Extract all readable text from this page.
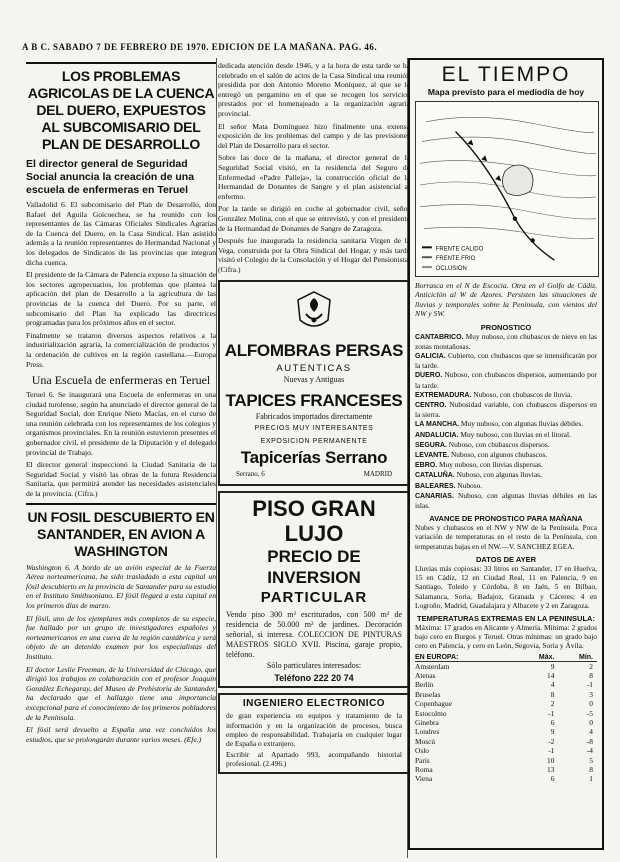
A B C. SABADO 7 DE FEBRERO DE 1970. EDICION DE LA MAÑANA. PAG. 46.
LOS PROBLEMAS AGRICOLAS DE LA CUENCA DEL DUERO, EXPUESTOS AL SUBCOMISARIO DEL PLAN DE DESARROLLO
El director general de Seguridad Social anuncia la creación de una escuela de enfermeras en Teruel

Valladolid 6. El subcomisario del Plan de Desarrollo, don Rafael del Aguila Goicoechea, se ha reunido con los representantes de las Cámaras Oficiales Sindicales Agrarias de la Cuenca del Duero, en la Casa Sindical. Han asistido además a la reunión representantes de Hermandad Nacional y los delegados de Sindicatos de las provincias que integran dicha cuenca.

El presidente de la Cámara de Palencia expuso la situación de los sectores agropecuarios, los problemas que plantea la aplicación del plan de Desarrollo a la agricultura de las provincias de la cuenca del Duero. Por su parte, el subcomisario del Plan ha explicado las directrices programadas para los próximos años en el sector.

Finalmente se trataron diversos aspectos relativos a la industrialización agraria, la comercialización de productos y la ordenación de cultivos en la región castellana.—Europa Press.

Una Escuela de enfermeras en Teruel

Teruel 6. Se inaugurará una Escuela de enfermeras en una ciudad turolense, según ha anunciado el director general de la Seguridad Social, don Enrique Nieto Macías, en el curso de una reunión celebrada con los representantes de los colegios y organismos provinciales. En la reunión estuvieron presentes el gobernador civil, el presidente de la Diputación y el delegado provincial de Trabajo.

El director general inspeccionó la Ciudad Sanitaria de la Seguridad Social y visitó las obras de la futura Residencia Sanitaria, que permitirá atender las necesidades asistenciales de la provincia. (Cifra.)

UN FOSIL DESCUBIERTO EN SANTANDER, EN AVION A WASHINGTON

Washington 6. A bordo de un avión especial de la Fuerza Aérea norteamericana, ha sido trasladado a esta capital un fósil descubierto en la provincia de Santander para su estudio en el Instituto Smithsoniano. El fósil llegará a esta capital en los primeros días de marzo.

El fósil, uno de los ejemplares más completos de su especie, fue hallado por un grupo de investigadores españoles y norteamericanos en una cueva de la región cantábrica y será objeto de un detenido examen por los especialistas del Instituto.

El doctor Leslie Freeman, de la Universidad de Chicago, que dirigió los trabajos en colaboración con el profesor Joaquín González Echegaray, del Museo de Prehistoria de Santander, ha declarado que el hallazgo tiene una importancia excepcional para el conocimiento de los primeros pobladores de la Península.

El fósil será devuelto a España una vez concluidos los estudios, que se prolongarán durante varios meses. (Efe.)

dedicada atención desde 1946, y a la hora de esta tarde se ha celebrado en el salón de actos de la Casa Sindical una reunión presidida por don Antonio Moreno Moníquez, al que se le entregó un pergamino en el que se recogen los servicios prestados por el homenajeado a la organización agraria provincial.

El señor Mata Domínguez hizo finalmente una extensa exposición de los problemas del campo y de las previsiones del Plan de Desarrollo para el sector.

Sobre las doce de la mañana, el director general de la Seguridad Social visitó, en la residencia del Seguro de Enfermedad «Padre Palleja», la construcción oficial de la Hermandad de Donantes de Sangre y el plan asistencial al enfermo.

Por la tarde se dirigió en coche al gobernador civil, señor González Molina, con el que se entrevistó, y con el presidente de la Hermandad de Donantes de Sangre de Zaragoza.

Después fue inaugurada la residencia sanitaria Virgen de la Vega, construida por la Obra Sindical del Hogar, y más tarde visitó el Colegio de la Consolación y el Hogar del Pensionista. (Cifra.)

ALFOMBRAS PERSAS
AUTENTICAS
Nuevas y Antiguas
TAPICES FRANCESES
Fabricados importados directamente
PRECIOS MUY INTERESANTES
EXPOSICION PERMANENTE
Tapicerías Serrano
Serrano, 6	MADRID
PISO GRAN LUJO
PRECIO DE INVERSION
PARTICULAR
Vendo piso 300 m² escriturados, con 500 m² de residencia de 50.000 m² de jardines. Decoración señorial, si interesa. COLECCION DE PINTURAS MAESTROS SIGLO XVII. Piscina, garaje propio, teléfono.
Sólo particulares interesados:
Teléfono 222 20 74
INGENIERO ELECTRONICO
de gran experiencia en equipos y tratamiento de la información y en la organización de procesos, busca empleo de responsabilidad. Trabajaría en cualquier lugar de España o extranjero.
Escribir al Apartado 993, acompañando historial profesional. (2.496.)
EL TIEMPO
Mapa previsto para el mediodía de hoy
FRENTE CALIDO
FRENTE FRIO
OCLUSION
Borrasca en el N de Escocia. Otra en el Golfo de Cádiz. Anticiclón al W de Azores. Persisten las situaciones de lluvias y temporales sobre la Península, con vientos del NW y SW.
PRONOSTICO
CANTABRICO. Muy nuboso, con chubascos de nieve en las zonas montañosas.
GALICIA. Cubierto, con chubascos que se intensificarán por la tarde.
DUERO. Nuboso, con chubascos dispersos, aumentando por la tarde.
EXTREMADURA. Nuboso, con chubascos de lluvia.
CENTRO. Nubosidad variable, con chubascos dispersos en la sierra.
LA MANCHA. Muy nuboso, con algunas lluvias débiles.
ANDALUCIA. Muy nuboso, con lluvias en el litoral.
SEGURA. Nuboso, con chubascos dispersos.
LEVANTE. Nuboso, con algunos chubascos.
EBRO. Muy nuboso, con lluvias dispersas.
CATALUÑA. Nuboso, con algunas lluvias.
BALEARES. Nuboso.
CANARIAS. Nuboso, con algunas lluvias débiles en las islas.
AVANCE DE PRONOSTICO PARA MAÑANA
Nubes y chubascos en el NW y NW de la Península. Poca variación de temperaturas en el resto de la Península, con temperaturas bajas en el NW.—V. SANCHEZ EGEA.
DATOS DE AYER
Lluvias más copiosas: 33 litros en Santander, 17 en Huelva, 15 en Cádiz, 12 en Ciudad Real, 11 en Palencia, 9 en Santiago, Toledo y Córdoba, 8 en Jaén, 5 en Bilbao, Salamanca, Soria, Badajoz, Granada y Cáceres; 4 en Logroño, Madrid, Guadalajara y Albacete y 2 en Zaragoza.
TEMPERATURAS EXTREMAS EN LA PENINSULA:
Máxima: 17 grados en Alicante y Almería. Mínima: 2 grados bajo cero en Burgos y Teruel. Otras mínimas: un grado bajo cero en Palencia, y cero en León, Segovia, Soria y Ávila.
EN EUROPA:	Máx.	Mín.
Amsterdam	9	2
Atenas	14	8
Berlín	4	-1
Bruselas	8	3
Copenhague	2	0
Estocolmo	-1	-5
Ginebra	6	0
Londres	9	4
Moscú	-2	-8
Oslo	-1	-4
París	10	5
Roma	13	8
Viena	6	1
